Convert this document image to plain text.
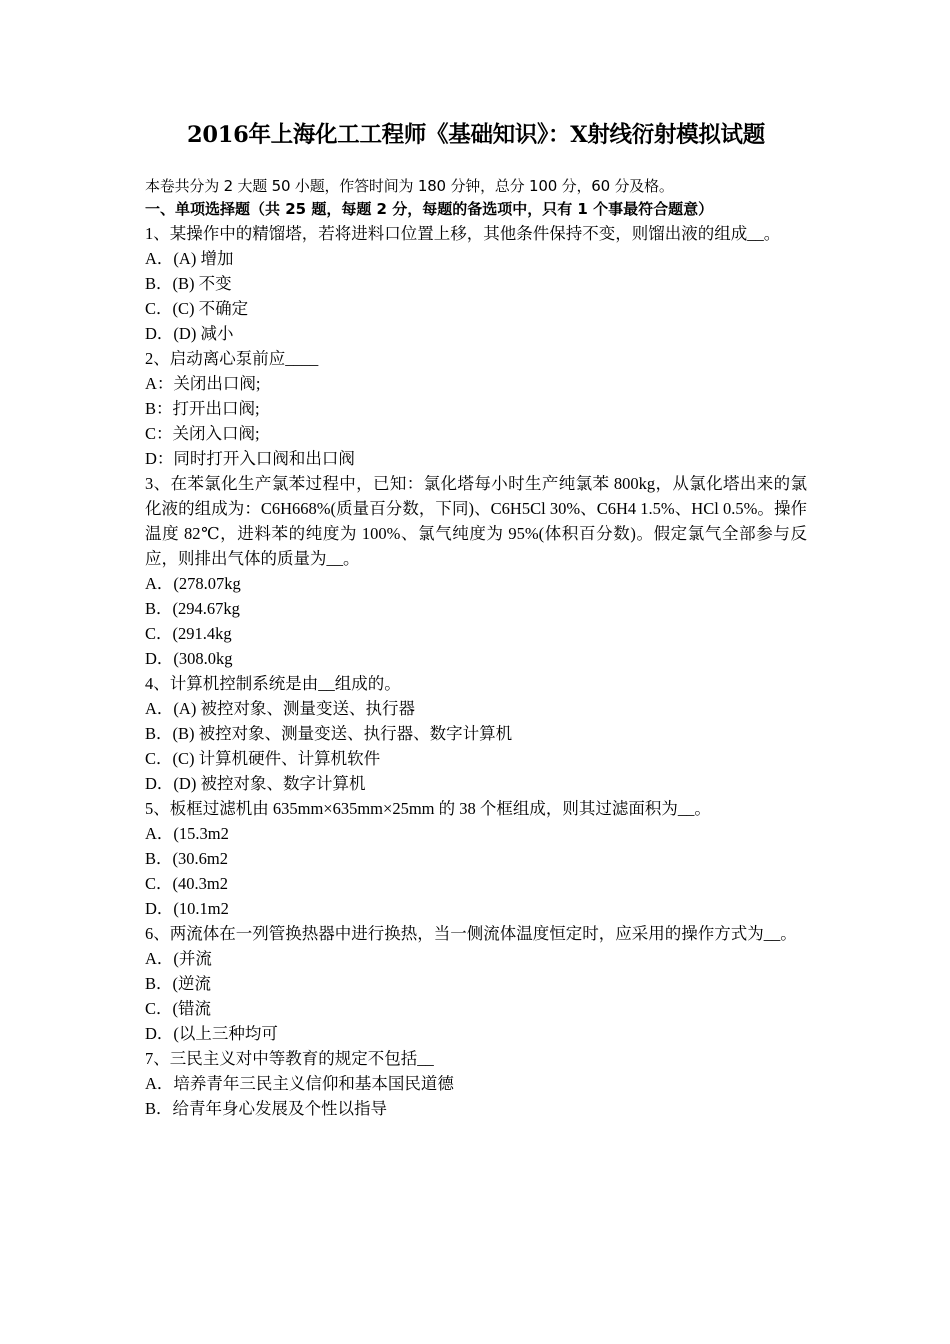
2016年上海化工工程师《基础知识》：X射线衍射模拟试题
本卷共分为 2 大题 50 小题，作答时间为 180 分钟，总分 100 分，60 分及格。
一、单项选择题（共 25 题，每题 2 分，每题的备选项中，只有 1 个事最符合题意）
1、某操作中的精馏塔，若将进料口位置上移，其他条件保持不变，则馏出液的组成__。
A．(A) 增加
B．(B) 不变
C．(C) 不确定
D．(D) 减小
2、启动离心泵前应____
A：关闭出口阀;
B：打开出口阀;
C：关闭入口阀;
D：同时打开入口阀和出口阀
3、在苯氯化生产氯苯过程中，已知：氯化塔每小时生产纯氯苯 800kg，从氯化塔出来的氯化液的组成为：C6H668%(质量百分数，下同)、C6H5Cl 30%、C6H4 1.5%、HCl 0.5%。操作温度 82℃，进料苯的纯度为 100%、氯气纯度为 95%(体积百分数)。假定氯气全部参与反应，则排出气体的质量为__。
A．(278.07kg
B．(294.67kg
C．(291.4kg
D．(308.0kg
4、计算机控制系统是由__组成的。
A．(A) 被控对象、测量变送、执行器
B．(B) 被控对象、测量变送、执行器、数字计算机
C．(C) 计算机硬件、计算机软件
D．(D) 被控对象、数字计算机
5、板框过滤机由 635mm×635mm×25mm 的 38 个框组成，则其过滤面积为__。
A．(15.3m2
B．(30.6m2
C．(40.3m2
D．(10.1m2
6、两流体在一列管换热器中进行换热，当一侧流体温度恒定时，应采用的操作方式为__。
A．(并流
B．(逆流
C．(错流
D．(以上三种均可
7、三民主义对中等教育的规定不包括__
A．培养青年三民主义信仰和基本国民道德
B．给青年身心发展及个性以指导
